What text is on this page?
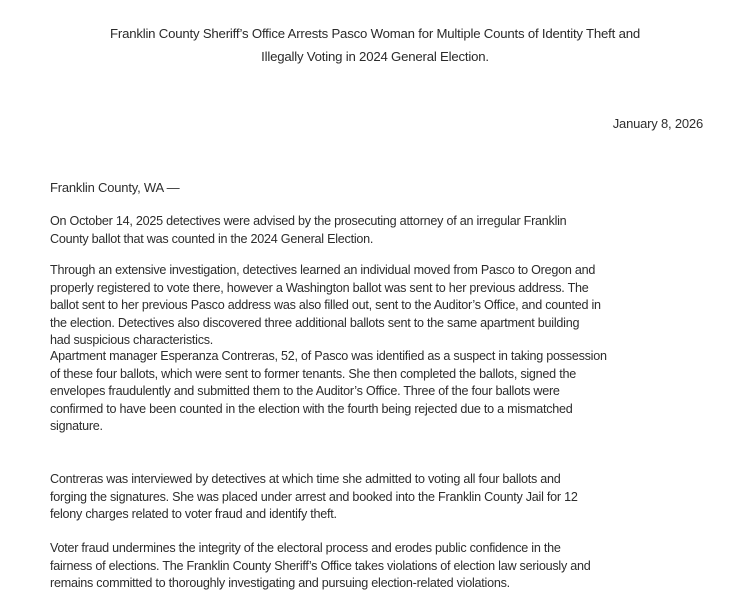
Franklin County Sheriff’s Office Arrests Pasco Woman for Multiple Counts of Identity Theft and
Illegally Voting in 2024 General Election.
January 8, 2026
Franklin County, WA —
On October 14, 2025 detectives were advised by the prosecuting attorney of an irregular Franklin
County ballot that was counted in the 2024 General Election.
Through an extensive investigation, detectives learned an individual moved from Pasco to Oregon and
properly registered to vote there, however a Washington ballot was sent to her previous address. The
ballot sent to her previous Pasco address was also filled out, sent to the Auditor’s Office, and counted in
the election. Detectives also discovered three additional ballots sent to the same apartment building
had suspicious characteristics.
Apartment manager Esperanza Contreras, 52, of Pasco was identified as a suspect in taking possession
of these four ballots, which were sent to former tenants. She then completed the ballots, signed the
envelopes fraudulently and submitted them to the Auditor’s Office. Three of the four ballots were
confirmed to have been counted in the election with the fourth being rejected due to a mismatched
signature.
Contreras was interviewed by detectives at which time she admitted to voting all four ballots and
forging the signatures. She was placed under arrest and booked into the Franklin County Jail for 12
felony charges related to voter fraud and identify theft.
Voter fraud undermines the integrity of the electoral process and erodes public confidence in the
fairness of elections. The Franklin County Sheriff’s Office takes violations of election law seriously and
remains committed to thoroughly investigating and pursuing election-related violations.
